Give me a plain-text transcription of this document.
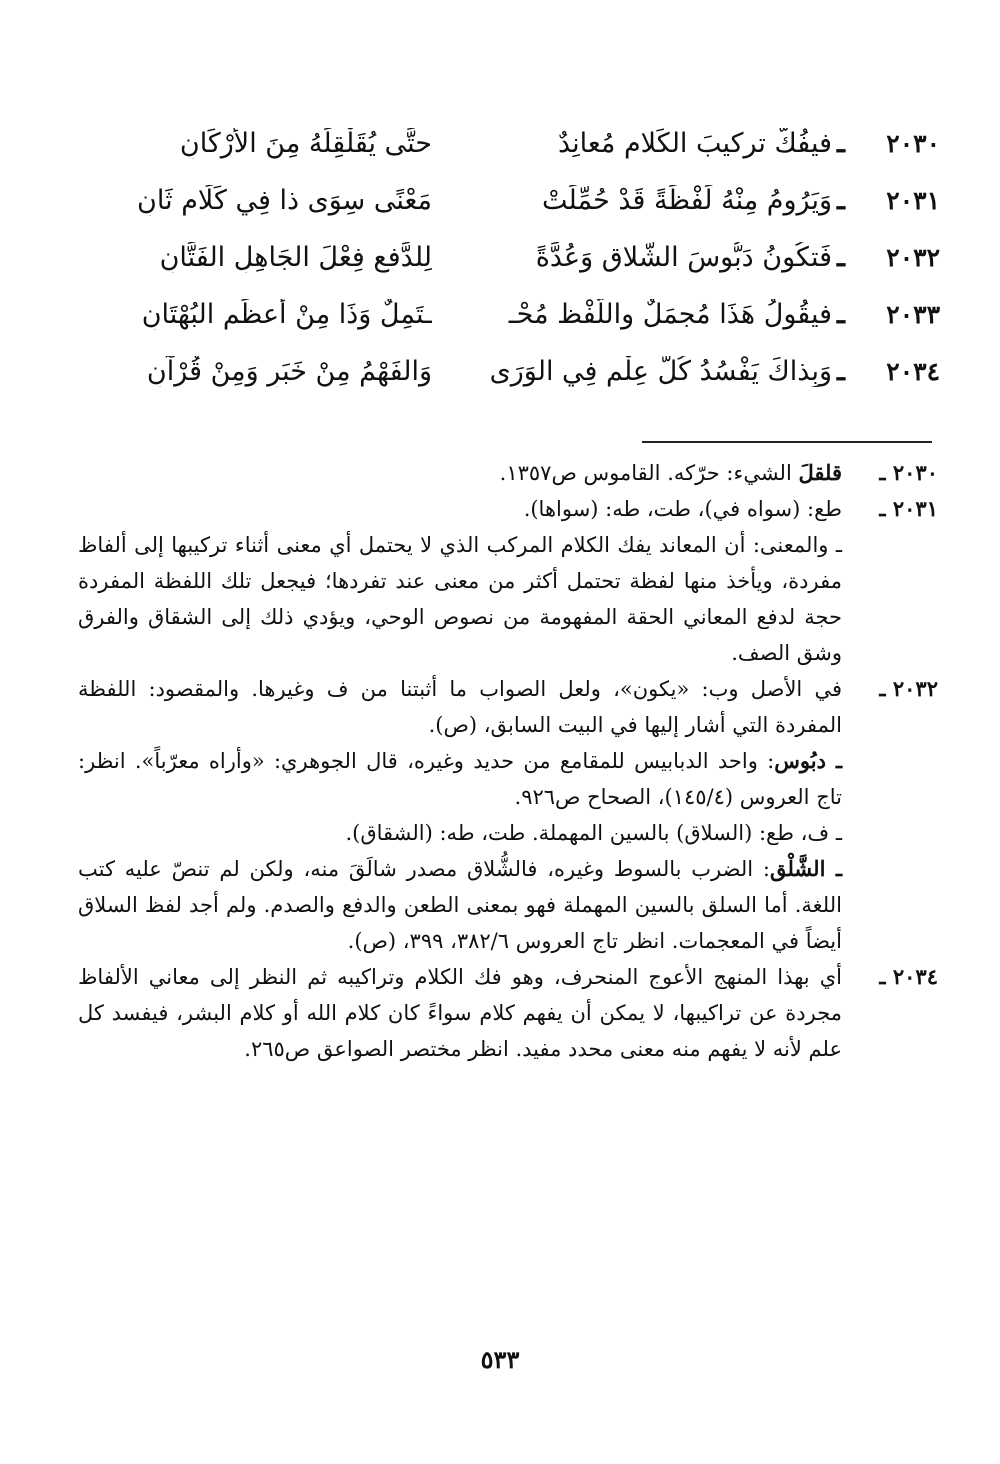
٢٠٣٠
ـ
فيفُكُّ تركيبَ الكَلامِ مُعانِدٌ
حتَّى يُقَلْقِلَهُ مِنَ الأرْكَانِ
٢٠٣١
ـ
وَيَرُومُ مِنْهُ لَفْظَةً قَدْ حُمِّلَتْ
مَعْنًى سِوَى ذا فِي كَلَامٍ ثَانِ
٢٠٣٢
ـ
فَتكُونُ دَبُّوسَ الشُّلاقِ وَعُدَّةً
لِلدَّفعِ فِعْلَ الجَاهِلِ الفَتَّانِ
٢٠٣٣
ـ
فيقُولُ هَذَا مُجمَلٌ واللَّفْظ مُحْـ
ـتَمِلٌ وَذَا مِنْ أعظَمِ البُهْتَانِ
٢٠٣٤
ـ
وَبِذاكَ يَفْسُدُ كُلُّ عِلْمٍ فِي الوَرَى
وَالفَهْمُ مِنْ خَبَرٍ وَمِنْ قُرْآنِ
٢٠٣٠ ـ

قلقلَ الشيء: حرّكه. القاموس ص١٣٥٧.

٢٠٣١ ـ

طع: (سواه في)، طت، طه: (سواها).

ـ والمعنى: أن المعاند يفك الكلام المركب الذي لا يحتمل أي معنى أثناء تركيبها إلى ألفاظ مفردة، ويأخذ منها لفظة تحتمل أكثر من معنى عند تفردها؛ فيجعل تلك اللفظة المفردة حجة لدفع المعاني الحقة المفهومة من نصوص الوحي، ويؤدي ذلك إلى الشقاق والفرق وشق الصف.

٢٠٣٢ ـ

في الأصل وب: «يكون»، ولعل الصواب ما أثبتنا من ف وغيرها. والمقصود: اللفظة المفردة التي أشار إليها في البيت السابق، (ص).

ـ دبُوس: واحد الدبابيس للمقامع من حديد وغيره، قال الجوهري: «وأراه معرّباً». انظر: تاج العروس (١٤٥/٤)، الصحاح ص٩٢٦.

ـ ف، طع: (السلاق) بالسين المهملة. طت، طه: (الشقاق).

ـ الشَّلْق: الضرب بالسوط وغيره، فالشُّلاق مصدر شالَقَ منه، ولكن لم تنصّ عليه كتب اللغة. أما السلق بالسين المهملة فهو بمعنى الطعن والدفع والصدم. ولم أجد لفظ السلاق أيضاً في المعجمات. انظر تاج العروس ٣٨٢/٦، ٣٩٩، (ص).

٢٠٣٤ ـ

أي بهذا المنهج الأعوج المنحرف، وهو فك الكلام وتراكيبه ثم النظر إلى معاني الألفاظ مجردة عن تراكيبها، لا يمكن أن يفهم كلام سواءً كان كلام الله أو كلام البشر، فيفسد كل علم لأنه لا يفهم منه معنى محدد مفيد. انظر مختصر الصواعق ص٢٦٥.

٥٣٣
